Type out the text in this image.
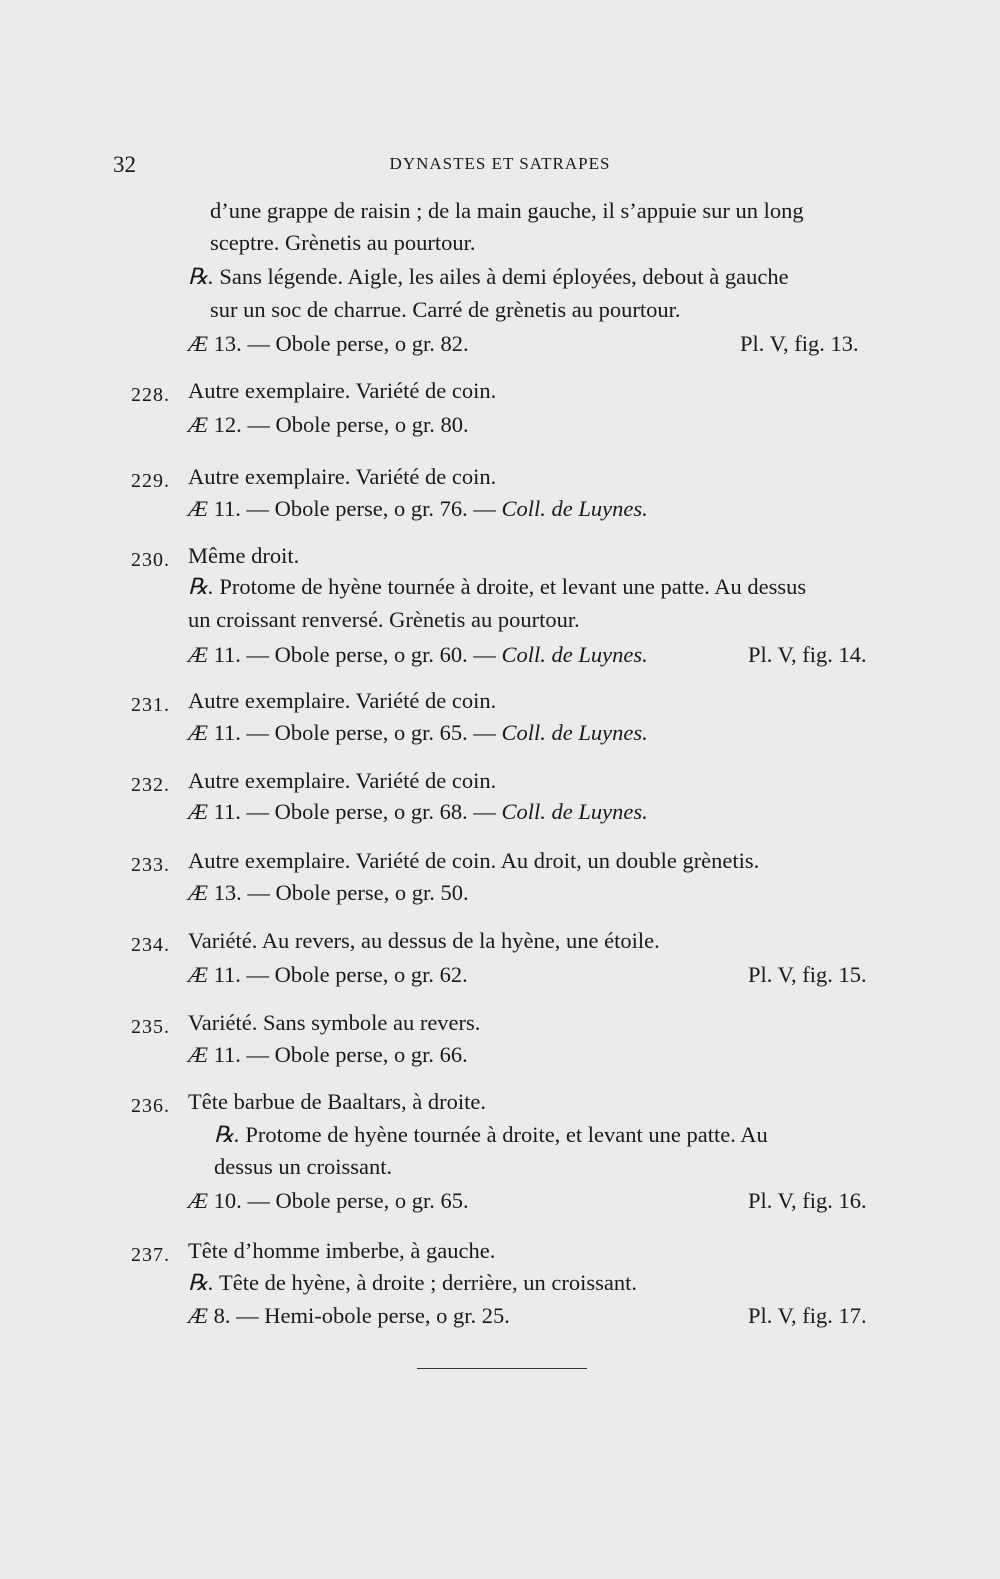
32	DYNASTES ET SATRAPES
d’une grappe de raisin ; de la main gauche, il s’appuie sur un long
sceptre. Grènetis au pourtour.
℞. Sans légende. Aigle, les ailes à demi éployées, debout à gauche
sur un soc de charrue. Carré de grènetis au pourtour.
Æ 13. — Obole perse, o gr. 82.	Pl. V, fig. 13.
228. Autre exemplaire. Variété de coin.
Æ 12. — Obole perse, o gr. 80.
229. Autre exemplaire. Variété de coin.
Æ 11. — Obole perse, o gr. 76. — Coll. de Luynes.
230. Même droit.
℞. Protome de hyène tournée à droite, et levant une patte. Au dessus
un croissant renversé. Grènetis au pourtour.
Æ 11. — Obole perse, o gr. 60. — Coll. de Luynes.	Pl. V, fig. 14.
231. Autre exemplaire. Variété de coin.
Æ 11. — Obole perse, o gr. 65. — Coll. de Luynes.
232. Autre exemplaire. Variété de coin.
Æ 11. — Obole perse, o gr. 68. — Coll. de Luynes.
233. Autre exemplaire. Variété de coin. Au droit, un double grènetis.
Æ 13. — Obole perse, o gr. 50.
234. Variété. Au revers, au dessus de la hyène, une étoile.
Æ 11. — Obole perse, o gr. 62.	Pl. V, fig. 15.
235. Variété. Sans symbole au revers.
Æ 11. — Obole perse, o gr. 66.
236. Tête barbue de Baaltars, à droite.
℞. Protome de hyène tournée à droite, et levant une patte. Au
dessus un croissant.
Æ 10. — Obole perse, o gr. 65.	Pl. V, fig. 16.
237. Tête d’homme imberbe, à gauche.
℞. Tête de hyène, à droite ; derrière, un croissant.
Æ 8. — Hemi-obole perse, o gr. 25.	Pl. V, fig. 17.
